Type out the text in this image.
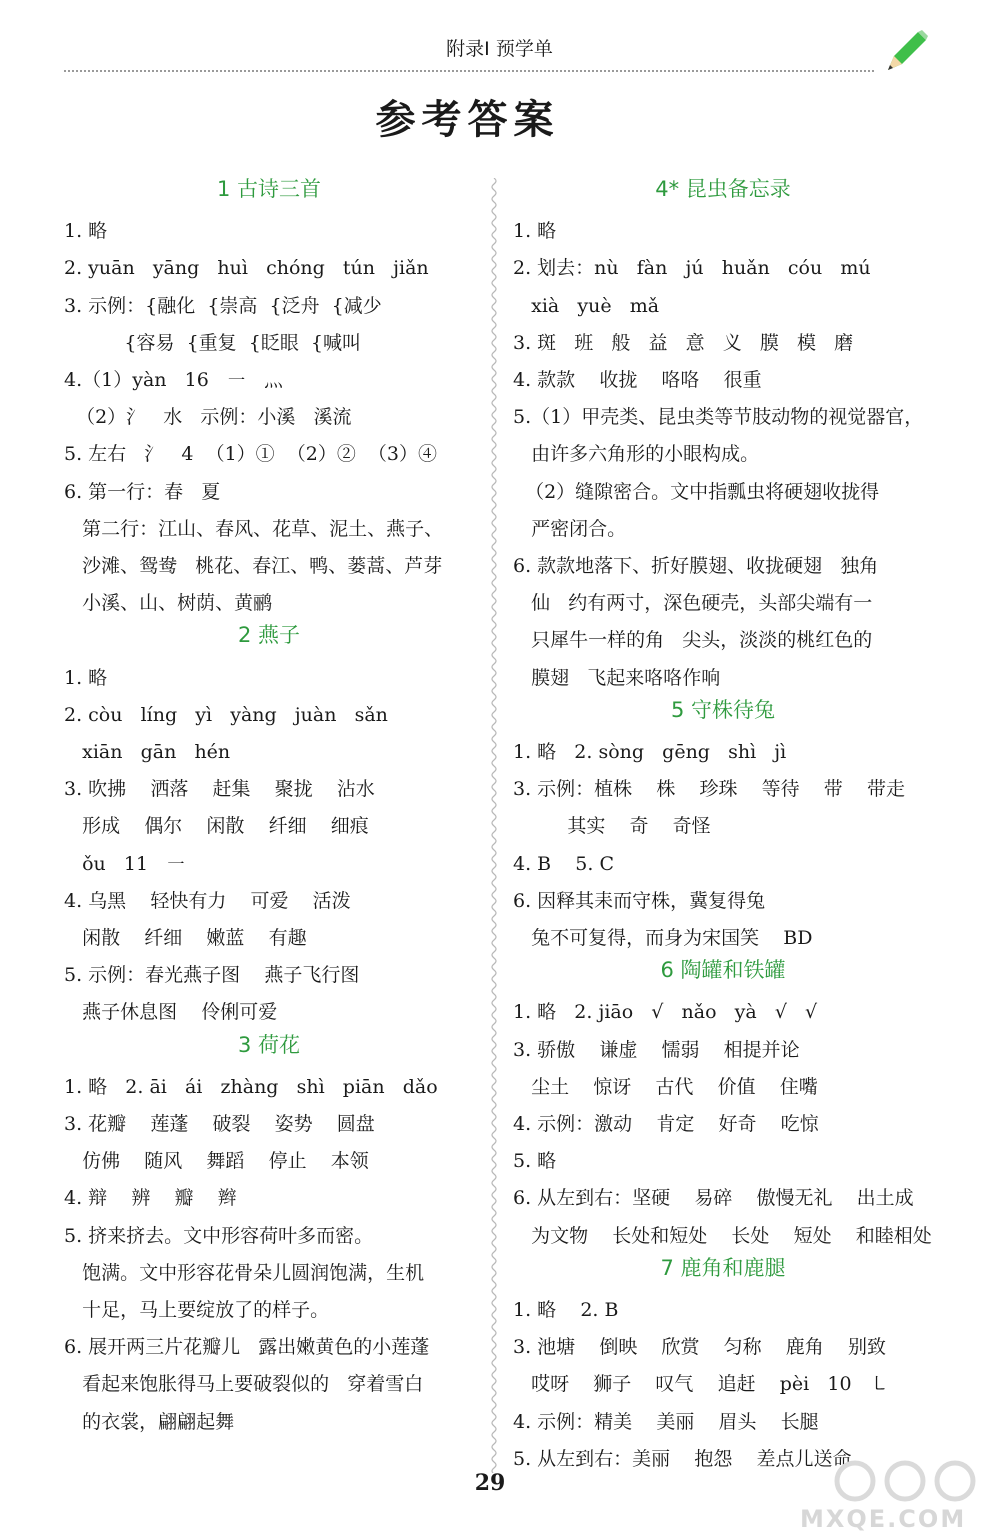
附录Ⅰ 预学单
参考答案
1 古诗三首
1. 略
2. yuān   yāng   huì   chóng   tún   jiǎn
3. 示例：{融化  {崇高  {泛舟  {减少
{容易  {重复  {眨眼  {喊叫
4.（1）yàn   16   ㇐   灬
（2）氵   水   示例：小溪   溪流
5. 左右   氵   4  （1）①  （2）②  （3）④
6. 第一行：春   夏
第二行：江山、春风、花草、泥土、燕子、
沙滩、鸳鸯   桃花、春江、鸭、蒌蒿、芦芽
小溪、山、树荫、黄鹂
2 燕子
1. 略
2. còu   líng   yì   yàng   juàn   sǎn
xiān   gān   hén
3. 吹拂    洒落    赶集    聚拢    沾水
形成    偶尔    闲散    纤细    细痕
ǒu   11   ㇐
4. 乌黑    轻快有力    可爱    活泼
闲散    纤细    嫩蓝    有趣
5. 示例：春光燕子图    燕子飞行图
燕子休息图    伶俐可爱
3 荷花
1. 略   2. āi   ái   zhàng   shì   piān   dǎo
3. 花瓣    莲蓬    破裂    姿势    圆盘
仿佛    随风    舞蹈    停止    本领
4. 辩    辨    瓣    辫
5. 挤来挤去。文中形容荷叶多而密。
饱满。文中形容花骨朵儿圆润饱满，生机
十足，马上要绽放了的样子。
6. 展开两三片花瓣儿   露出嫩黄色的小莲蓬
看起来饱胀得马上要破裂似的   穿着雪白
的衣裳，翩翩起舞
4* 昆虫备忘录
1. 略
2. 划去：nù   fàn   jú   huǎn   cóu   mú
xià   yuè   mǎ
3. 斑   班   般   益   意   义   膜   模   磨
4. 款款    收拢    咯咯    很重
5.（1）甲壳类、昆虫类等节肢动物的视觉器官，
由许多六角形的小眼构成。
（2）缝隙密合。文中指瓢虫将硬翅收拢得
严密闭合。
6. 款款地落下、折好膜翅、收拢硬翅   独角
仙   约有两寸，深色硬壳，头部尖端有一
只犀牛一样的角   尖头，淡淡的桃红色的
膜翅   飞起来咯咯作响
5 守株待兔
1. 略   2. sòng   gēng   shì   jì
3. 示例：植株    株    珍珠    等待    带    带走
其实    奇    奇怪
4. B    5. C
6. 因释其耒而守株，冀复得兔
兔不可复得，而身为宋国笑    BD
6 陶罐和铁罐
1. 略   2. jiāo   √   nǎo   yà   √   √
3. 骄傲    谦虚    懦弱    相提并论
尘土    惊讶    古代    价值    住嘴
4. 示例：激动    肯定    好奇    吃惊
5. 略
6. 从左到右：坚硬    易碎    傲慢无礼    出土成
为文物    长处和短处    长处    短处    和睦相处
7 鹿角和鹿腿
1. 略    2. B
3. 池塘    倒映    欣赏    匀称    鹿角    别致
哎呀    狮子    叹气    追赶    pèi   10   ㇄
4. 示例：精美    美丽    眉头    长腿
5. 从左到右：美丽    抱怨    差点儿送命
29
MXQE.COM
